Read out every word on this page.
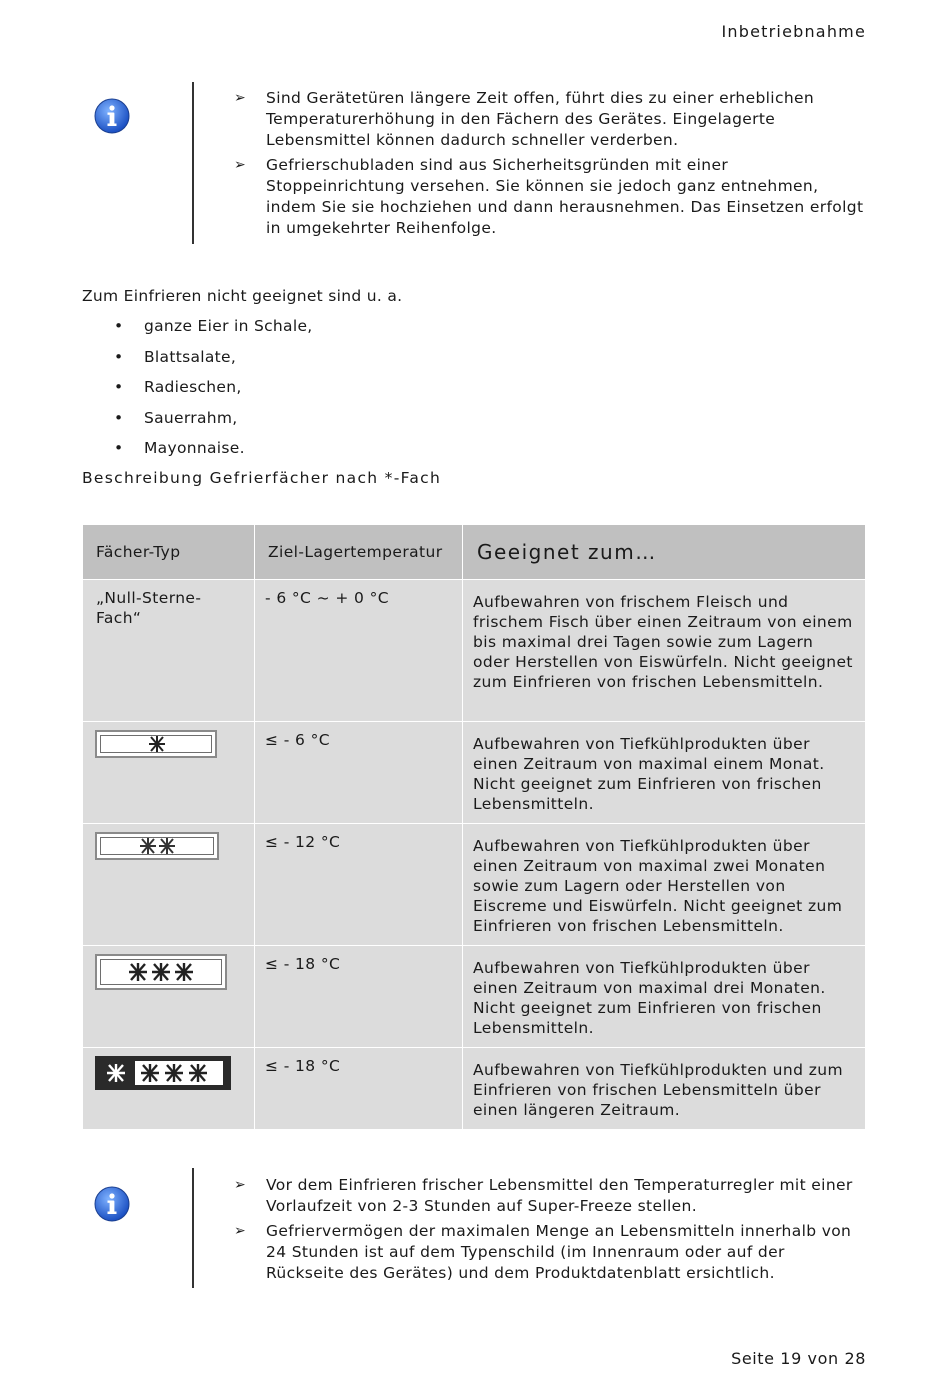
Inbetriebnahme
➢ Sind Gerätetüren längere Zeit offen, führt dies zu einer erheblichen Temperaturerhöhung in den Fächern des Gerätes. Eingelagerte Lebensmittel können dadurch schneller verderben.
➢ Gefrierschubladen sind aus Sicherheitsgründen mit einer Stoppeinrichtung versehen. Sie können sie jedoch ganz entnehmen, indem Sie sie hochziehen und dann herausnehmen. Das Einsetzen erfolgt in umgekehrter Reihenfolge.
Zum Einfrieren nicht geeignet sind u. a.
• ganze Eier in Schale,
• Blattsalate,
• Radieschen,
• Sauerrahm,
• Mayonnaise.
Beschreibung Gefrierfächer nach *-Fach
Fächer-Typ	Ziel-Lagertemperatur	Geeignet zum…
„Null-Sterne-Fach“	- 6 °C ~ + 0 °C	Aufbewahren von frischem Fleisch und frischem Fisch über einen Zeitraum von einem bis maximal drei Tagen sowie zum Lagern oder Herstellen von Eiswürfeln. Nicht geeignet zum Einfrieren von frischen Lebensmitteln.

	≤ - 6 °C	Aufbewahren von Tiefkühlprodukten über einen Zeitraum von maximal einem Monat. Nicht geeignet zum Einfrieren von frischen Lebensmitteln.

	≤ - 12 °C	Aufbewahren von Tiefkühlprodukten über einen Zeitraum von maximal zwei Monaten sowie zum Lagern oder Herstellen von Eiscreme und Eiswürfeln. Nicht geeignet zum Einfrieren von frischen Lebensmitteln.

	≤ - 18 °C	Aufbewahren von Tiefkühlprodukten über einen Zeitraum von maximal drei Monaten. Nicht geeignet zum Einfrieren von frischen Lebensmitteln.

	≤ - 18 °C	Aufbewahren von Tiefkühlprodukten und zum Einfrieren von frischen Lebensmitteln über einen längeren Zeitraum.
➢ Vor dem Einfrieren frischer Lebensmittel den Temperaturregler mit einer Vorlaufzeit von 2-3 Stunden auf Super-Freeze stellen.
➢ Gefriervermögen der maximalen Menge an Lebensmitteln innerhalb von 24 Stunden ist auf dem Typenschild (im Innenraum oder auf der Rückseite des Gerätes) und dem Produktdatenblatt ersichtlich.
Seite 19 von 28
